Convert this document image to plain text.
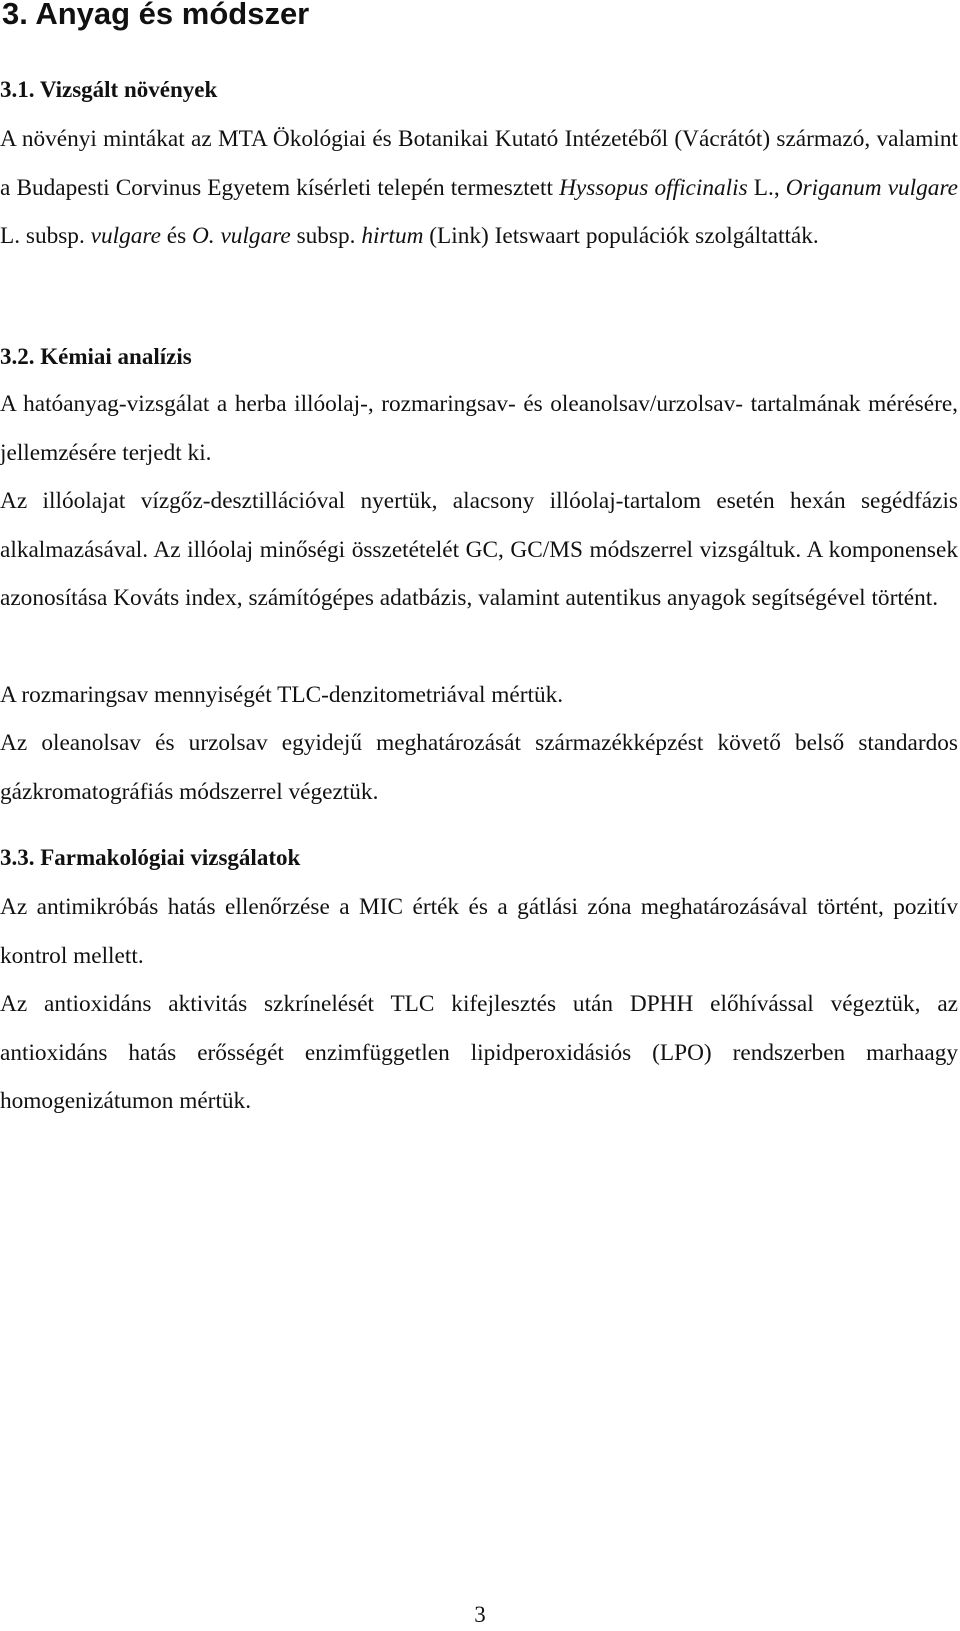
3. Anyag és módszer
3.1. Vizsgált növények
A növényi mintákat az MTA Ökológiai és Botanikai Kutató Intézetéből (Vácrátót) származó, valamint a Budapesti Corvinus Egyetem kísérleti telepén termesztett Hyssopus officinalis L., Origanum vulgare L. subsp. vulgare és O. vulgare subsp. hirtum (Link) Ietswaart populációk szolgáltatták.
3.2. Kémiai analízis
A hatóanyag-vizsgálat a herba illóolaj-, rozmaringsav- és oleanolsav/urzolsav- tartalmának mérésére, jellemzésére terjedt ki.
Az illóolajat vízgőz-desztillációval nyertük, alacsony illóolaj-tartalom esetén hexán segédfázis alkalmazásával. Az illóolaj minőségi összetételét GC, GC/MS módszerrel vizsgáltuk. A komponensek azonosítása Kováts index, számítógépes adatbázis, valamint autentikus anyagok segítségével történt.
A rozmaringsav mennyiségét TLC-denzitometriával mértük.
Az oleanolsav és urzolsav egyidejű meghatározását származékképzést követő belső standardos gázkromatográfiás módszerrel végeztük.
3.3. Farmakológiai vizsgálatok
Az antimikróbás hatás ellenőrzése a MIC érték és a gátlási zóna meghatározásával történt, pozitív kontrol mellett.
Az antioxidáns aktivitás szkrínelését TLC kifejlesztés után DPHH előhívással végeztük, az antioxidáns hatás erősségét enzimfüggetlen lipidperoxidásiós (LPO) rendszerben marhaagy homogenizátumon mértük.

3
